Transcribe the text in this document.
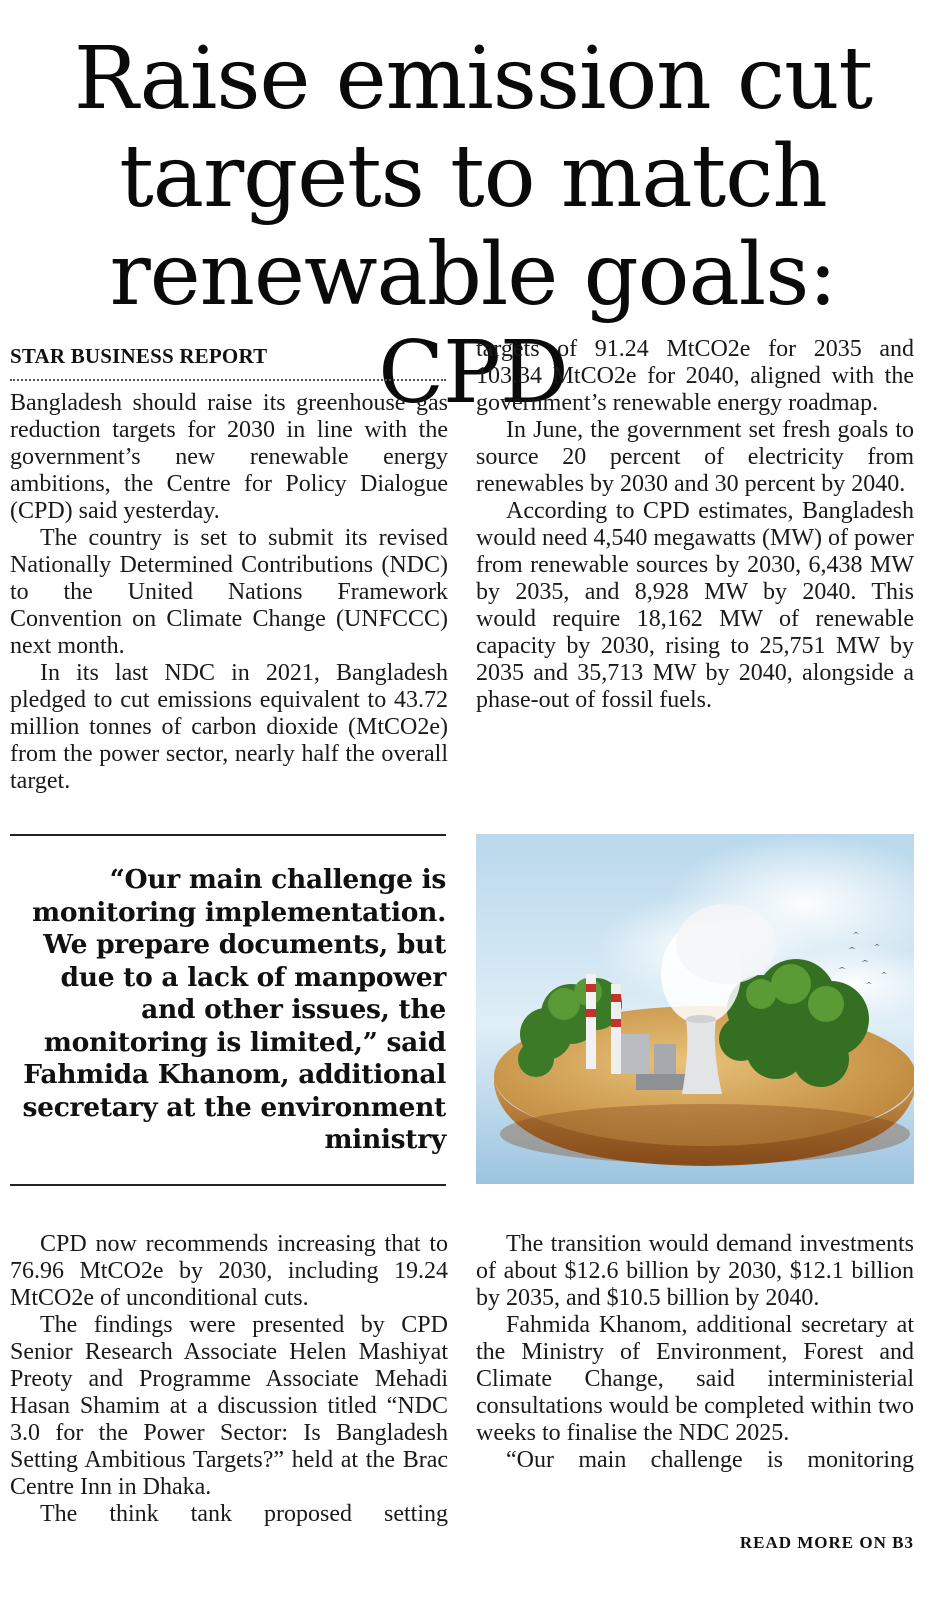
Raise emission cut targets to match renewable goals: CPD
STAR BUSINESS REPORT

Bangladesh should raise its greenhouse gas reduction targets for 2030 in line with the government’s new renewable energy ambitions, the Centre for Policy Dialogue (CPD) said yesterday.

The country is set to submit its revised Nationally Determined Contributions (NDC) to the United Nations Framework Convention on Climate Change (UNFCCC) next month.

In its last NDC in 2021, Bangladesh pledged to cut emissions equivalent to 43.72 million tonnes of carbon dioxide (MtCO2e) from the power sector, nearly half the overall target.

targets of 91.24 MtCO2e for 2035 and 103.34 MtCO2e for 2040, aligned with the government’s renewable energy roadmap.

In June, the government set fresh goals to source 20 percent of electricity from renewables by 2030 and 30 percent by 2040.

According to CPD estimates, Bangladesh would need 4,540 megawatts (MW) of power from renewable sources by 2030, 6,438 MW by 2035, and 8,928 MW by 2040. This would require 18,162 MW of renewable capacity by 2030, rising to 25,751 MW by 2035 and 35,713 MW by 2040, alongside a phase-out of fossil fuels.

“Our main challenge is monitoring implementation. We prepare documents, but due to a lack of manpower and other issues, the monitoring is limited,” said Fahmida Khanom, additional secretary at the environment ministry

CPD now recommends increasing that to 76.96 MtCO2e by 2030, including 19.24 MtCO2e of unconditional cuts.

The findings were presented by CPD Senior Research Associate Helen Mashiyat Preoty and Programme Associate Mehadi Hasan Shamim at a discussion titled “NDC 3.0 for the Power Sector: Is Bangladesh Setting Ambitious Targets?” held at the Brac Centre Inn in Dhaka.

The think tank proposed setting

The transition would demand investments of about $12.6 billion by 2030, $12.1 billion by 2035, and $10.5 billion by 2040.

Fahmida Khanom, additional secretary at the Ministry of Environment, Forest and Climate Change, said interministerial consultations would be completed within two weeks to finalise the NDC 2025.

“Our main challenge is monitoring

READ MORE ON B3
